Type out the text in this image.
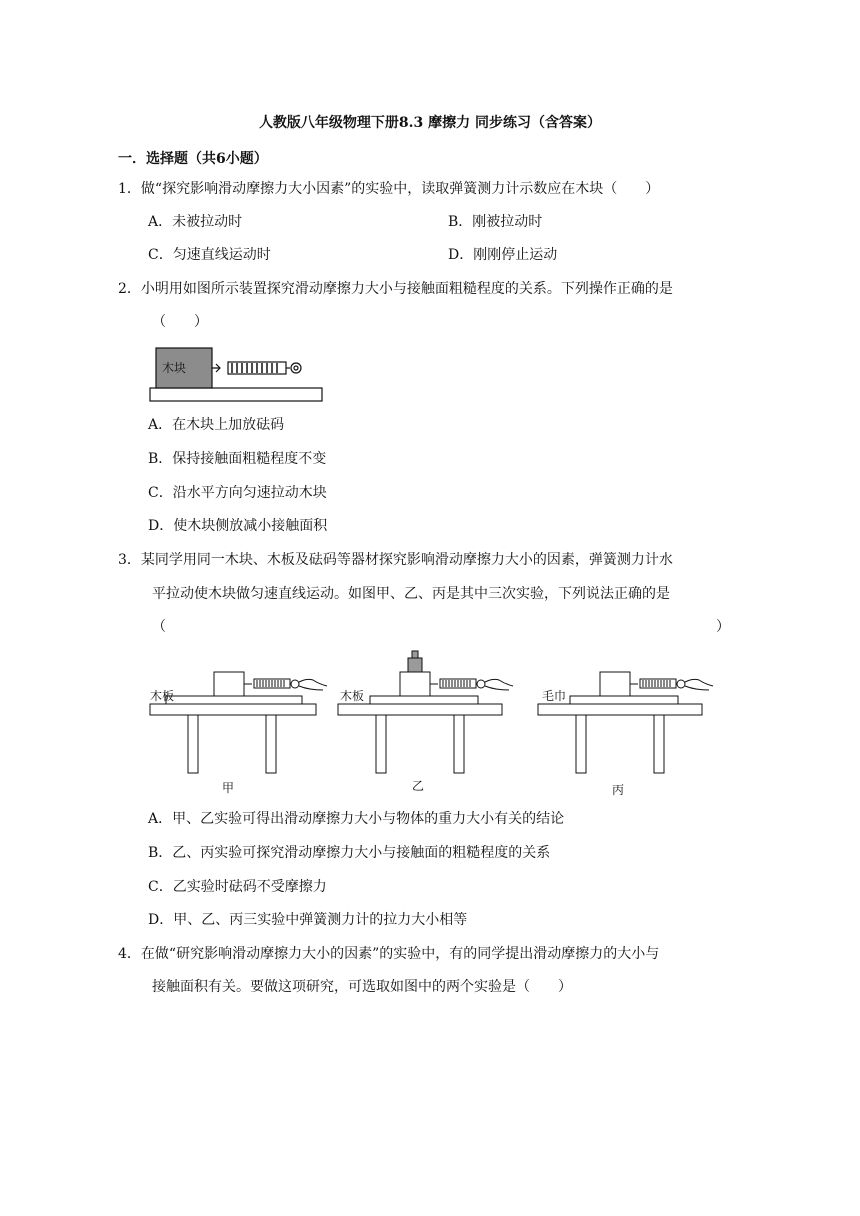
人教版八年级物理下册8.3 摩擦力 同步练习（含答案）
一．选择题（共6小题）
1．做“探究影响滑动摩擦力大小因素”的实验中，读取弹簧测力计示数应在木块（　　）
A．未被拉动时	B．刚被拉动时
C．匀速直线运动时	D．刚刚停止运动
2．小明用如图所示装置探究滑动摩擦力大小与接触面粗糙程度的关系。下列操作正确的是
（　　）
木块
A．在木块上加放砝码
B．保持接触面粗糙程度不变
C．沿水平方向匀速拉动木块
D．使木块侧放减小接触面积
3．某同学用同一木块、木板及砝码等器材探究影响滑动摩擦力大小的因素，弹簧测力计水
平拉动使木块做匀速直线运动。如图甲、乙、丙是其中三次实验，下列说法正确的是
（	）
木板
甲
木板
乙
毛巾
丙
A．甲、乙实验可得出滑动摩擦力大小与物体的重力大小有关的结论
B．乙、丙实验可探究滑动摩擦力大小与接触面的粗糙程度的关系
C．乙实验时砝码不受摩擦力
D．甲、乙、丙三实验中弹簧测力计的拉力大小相等
4．在做“研究影响滑动摩擦力大小的因素”的实验中，有的同学提出滑动摩擦力的大小与
接触面积有关。要做这项研究，可选取如图中的两个实验是（　　）
